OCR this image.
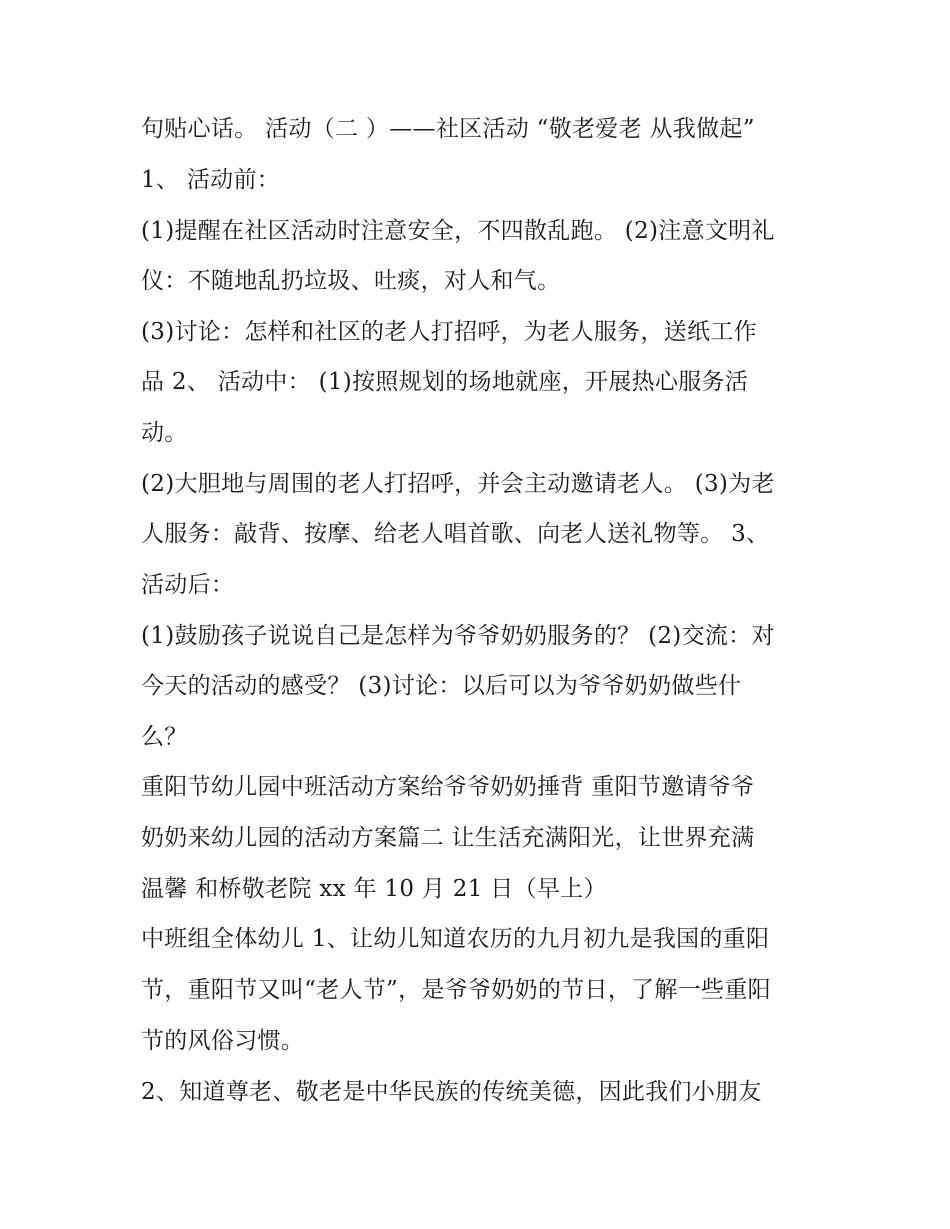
句贴心话。 活动（二 ）——社区活动 “敬老爱老 从我做起”
1、 活动前：
(1)提醒在社区活动时注意安全，不四散乱跑。 (2)注意文明礼
仪：不随地乱扔垃圾、吐痰，对人和气。
(3)讨论：怎样和社区的老人打招呼，为老人服务，送纸工作
品 2、 活动中： (1)按照规划的场地就座，开展热心服务活
动。
(2)大胆地与周围的老人打招呼，并会主动邀请老人。 (3)为老
人服务：敲背、按摩、给老人唱首歌、向老人送礼物等。 3、
活动后：
(1)鼓励孩子说说自己是怎样为爷爷奶奶服务的？ (2)交流：对
今天的活动的感受？ (3)讨论：以后可以为爷爷奶奶做些什
么？
重阳节幼儿园中班活动方案给爷爷奶奶捶背 重阳节邀请爷爷
奶奶来幼儿园的活动方案篇二 让生活充满阳光，让世界充满
温馨 和桥敬老院 xx 年 10 月 21 日（早上）
中班组全体幼儿 1、让幼儿知道农历的九月初九是我国的重阳
节，重阳节又叫“老人节”，是爷爷奶奶的节日，了解一些重阳
节的风俗习惯。
2、知道尊老、敬老是中华民族的传统美德，因此我们小朋友
